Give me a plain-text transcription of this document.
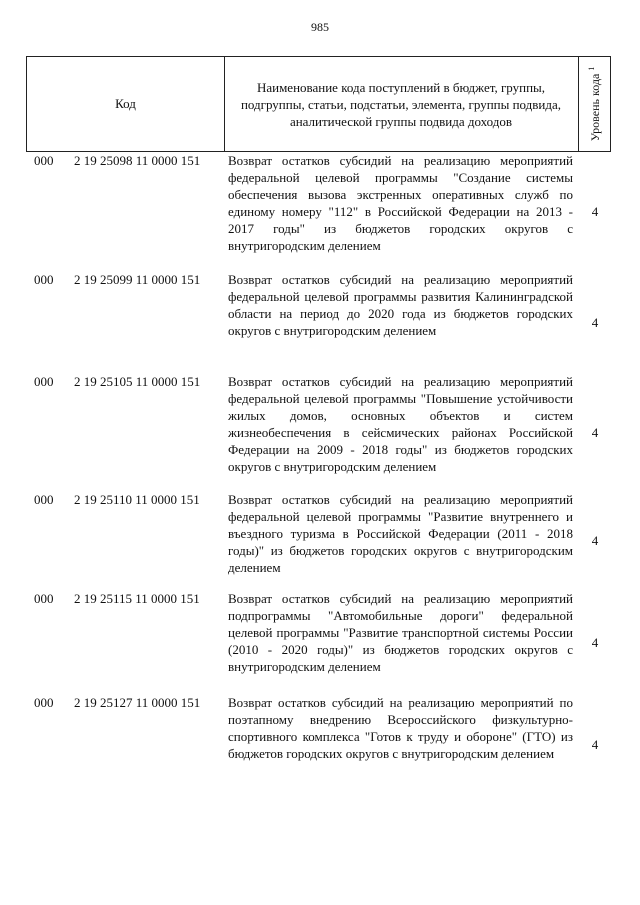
985
Код
Наименование кода поступлений в бюджет, группы, подгруппы, статьи, подстатьи, элемента, группы подвида, аналитической группы подвида доходов	Уровень кода $^1$
000 2 19 25098 11 0000 151 Возврат остатков субсидий на реализацию мероприятий федеральной целевой программы "Создание системы обеспечения вызова экстренных оперативных служб по единому номеру "112" в Российской Федерации на 2013 - 2017 годы" из бюджетов городских округов с внутригородским делением
4
000 2 19 25099 11 0000 151 Возврат остатков субсидий на реализацию мероприятий федеральной целевой программы развития Калининградской области на период до 2020 года из бюджетов городских округов с внутригородским делением
4
000 2 19 25105 11 0000 151 Возврат остатков субсидий на реализацию мероприятий федеральной целевой программы "Повышение устойчивости жилых домов, основных объектов и систем жизнеобеспечения в сейсмических районах Российской Федерации на 2009 - 2018 годы" из бюджетов городских округов с внутригородским делением
4
000 2 19 25110 11 0000 151 Возврат остатков субсидий на реализацию мероприятий федеральной целевой программы "Развитие внутреннего и въездного туризма в Российской Федерации (2011 - 2018 годы)" из бюджетов городских округов с внутригородским делением
4
000 2 19 25115 11 0000 151 Возврат остатков субсидий на реализацию мероприятий подпрограммы "Автомобильные дороги" федеральной целевой программы "Развитие транспортной системы России (2010 - 2020 годы)" из бюджетов городских округов с внутригородским делением
4
000 2 19 25127 11 0000 151 Возврат остатков субсидий на реализацию мероприятий по поэтапному внедрению Всероссийского физкультурно-спортивного комплекса "Готов к труду и обороне" (ГТО) из бюджетов городских округов с внутригородским делением
4
